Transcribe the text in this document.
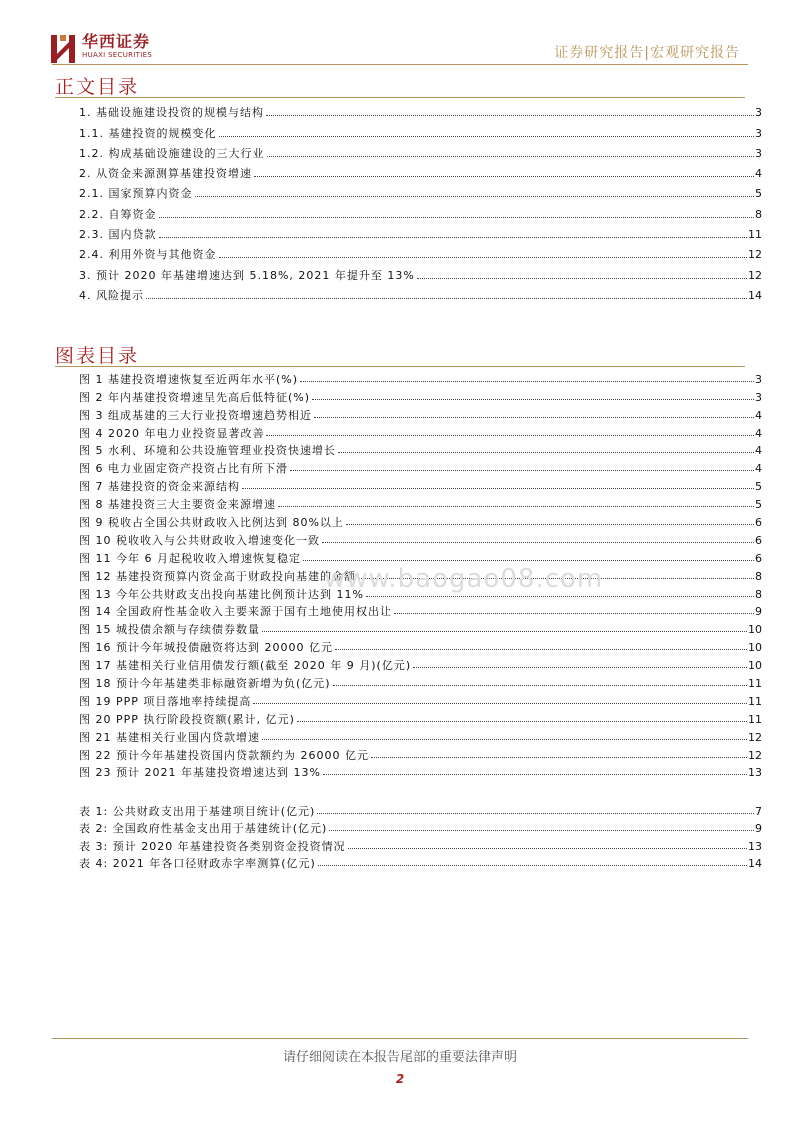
华西证券
HUAXI SECURITIES	证券研究报告|宏观研究报告
正文目录
1. 基础设施建设投资的规模与结构	3
1.1. 基建投资的规模变化	3
1.2. 构成基础设施建设的三大行业	3
2. 从资金来源测算基建投资增速	4
2.1. 国家预算内资金	5
2.2. 自筹资金	8
2.3. 国内贷款	11
2.4. 利用外资与其他资金	12
3. 预计 2020 年基建增速达到 5.18%, 2021 年提升至 13%	12
4. 风险提示	14
图表目录
图 1 基建投资增速恢复至近两年水平(%)	3
图 2 年内基建投资增速呈先高后低特征(%)	3
图 3 组成基建的三大行业投资增速趋势相近	4
图 4 2020 年电力业投资显著改善	4
图 5 水利、环境和公共设施管理业投资快速增长	4
图 6 电力业固定资产投资占比有所下滑	4
图 7 基建投资的资金来源结构	5
图 8 基建投资三大主要资金来源增速	5
图 9 税收占全国公共财政收入比例达到 80%以上	6
图 10 税收收入与公共财政收入增速变化一致	6
图 11 今年 6 月起税收收入增速恢复稳定	6
图 12 基建投资预算内资金高于财政投向基建的金额	8
图 13 今年公共财政支出投向基建比例预计达到 11%	8
图 14 全国政府性基金收入主要来源于国有土地使用权出让	9
图 15 城投债余额与存续债券数量	10
图 16 预计今年城投债融资将达到 20000 亿元	10
图 17 基建相关行业信用债发行额(截至 2020 年 9 月)(亿元)	10
图 18 预计今年基建类非标融资新增为负(亿元)	11
图 19 PPP 项目落地率持续提高	11
图 20 PPP 执行阶段投资额(累计, 亿元)	11
图 21 基建相关行业国内贷款增速	12
图 22 预计今年基建投资国内贷款额约为 26000 亿元	12
图 23 预计 2021 年基建投资增速达到 13%	13
表 1: 公共财政支出用于基建项目统计(亿元)	7
表 2: 全国政府性基金支出用于基建统计(亿元)	9
表 3: 预计 2020 年基建投资各类别资金投资情况	13
表 4: 2021 年各口径财政赤字率测算(亿元)	14
www.baogao08.com
请仔细阅读在本报告尾部的重要法律声明
2
